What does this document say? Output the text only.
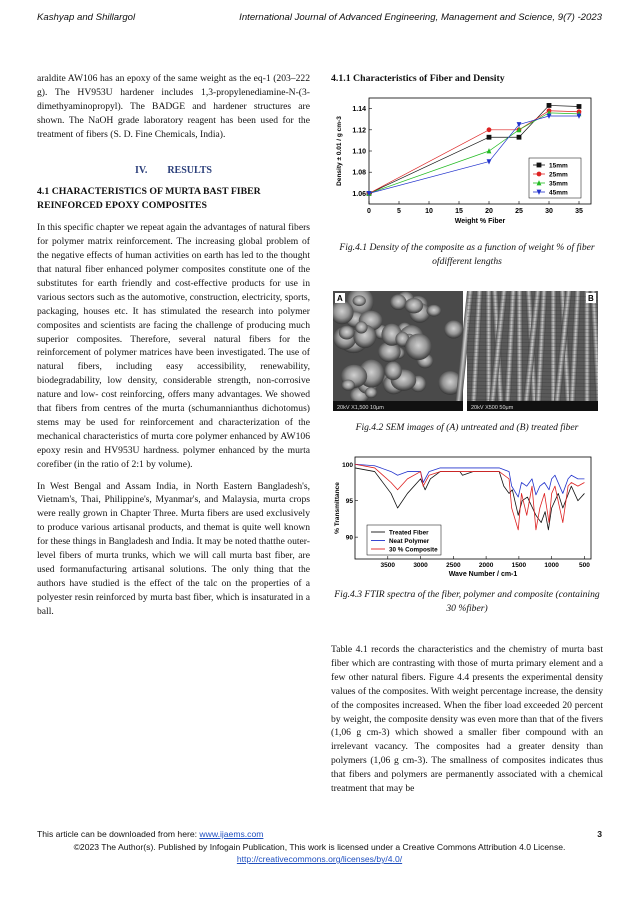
Kashyap and Shillargol	International Journal of Advanced Engineering, Management and Science, 9(7) -2023

araldite AW106 has an epoxy of the same weight as the eq-1 (203–222 g). The HV953U hardener includes 1,3-propylenediamine-N-(3-dimethyaminopropyl). The BADGE and hardener structures are shown. The NaOH grade laboratory reagent has been used for the treatment of fibers (S. D. Fine Chemicals, India).

IV.        RESULTS
4.1 CHARACTERISTICS OF MURTA BAST FIBER REINFORCED EPOXY COMPOSITES

In this specific chapter we repeat again the advantages of natural fibers for polymer matrix reinforcement. The increasing global problem of the negative effects of human activities on earth has led to the thought that natural fiber enhanced polymer composites constitute one of the substitutes for earth friendly and cost-effective products for use in various sectors such as the automotive, construction, electricity, sports, packaging, houses etc. It has stimulated the research into polymer composites and scientists are facing the challenge of producing much superior composites. Therefore, several natural fibers for the reinforcement of polymer matrices have been investigated. The use of natural fibers, including easy accessibility, renewability, biodegradability, low density, considerable strength, non-corrosive nature and low- cost reinforcing, offers many advantages. We showed that fibers from centres of the murta (schumannianthus dichotomus) stems may be used for reinforcement and characterization of the mechanical characteristics of murta core polymer enhanced by AW106 epoxy resin and HV953U hardness. polymer enhanced by the murta corefiber (in the ratio of 2:1 by volume).

In West Bengal and Assam India, in North Eastern Bangladesh's, Vietnam's, Thai, Philippine's, Myanmar's, and Malaysia, murta crops were really grown in Chapter Three. Murta fibers are used exclusively to produce various artisanal products, and themat is quite well known for these things in Bangladesh and India. It may be noted thatthe outer-level fibers of murta trunks, which we will call murta bast fiber, are used formanufacturing artisanal solutions. The only thing that the authors have studied is the effect of the talc on the properties of a polyester resin reinforced by murta bast fiber, which is insaturated in a ball.

4.1.1 Characteristics of Fiber and Density
0	5	10	15	20	25	30	35
1.06
1.08
1.10
1.12
1.14
Weight % Fiber
Density ± 0.01 / g cm-3	15mm
25mm
35mm
45mm
Fig.4.1 Density of the composite as a function of weight % of fiber ofdifferent lengths
20kV X1,500 10μm
A
20kV X500 50μm
B
Fig.4.2 SEM images of (A) untreated and (B) treated fiber
3500	3000	2500	2000	1500	1000	500
90
95
100
Wave Number / cm-1
% Transmittance	Treated Fiber
Neat Polymer
30 % Composite
Fig.4.3 FTIR spectra of the fiber, polymer and composite (containing 30 %fiber)
Table 4.1 records the characteristics and the chemistry of murta bast fiber which are contrasting with those of murta primary element and a few other natural fibers. Figure 4.4 presents the experimental density values of the composites. With weight percentage increase, the density of the composites increased. When the fiber load exceeded 20 percent by weight, the composite density was even more than that of the fivers (1,06 g cm-3) which showed a smaller fiber compound with an irrelevant vacancy. The composites had a greater density than polymers (1,06 g cm-3). The smallness of composites indicates thus that fibers and polymers are permanently associated with a chemical treatment that may be
This article can be downloaded from here: www.ijaems.com	3
©2023 The Author(s). Published by Infogain Publication, This work is licensed under a Creative Commons Attribution 4.0 License.
http://creativecommons.org/licenses/by/4.0/
